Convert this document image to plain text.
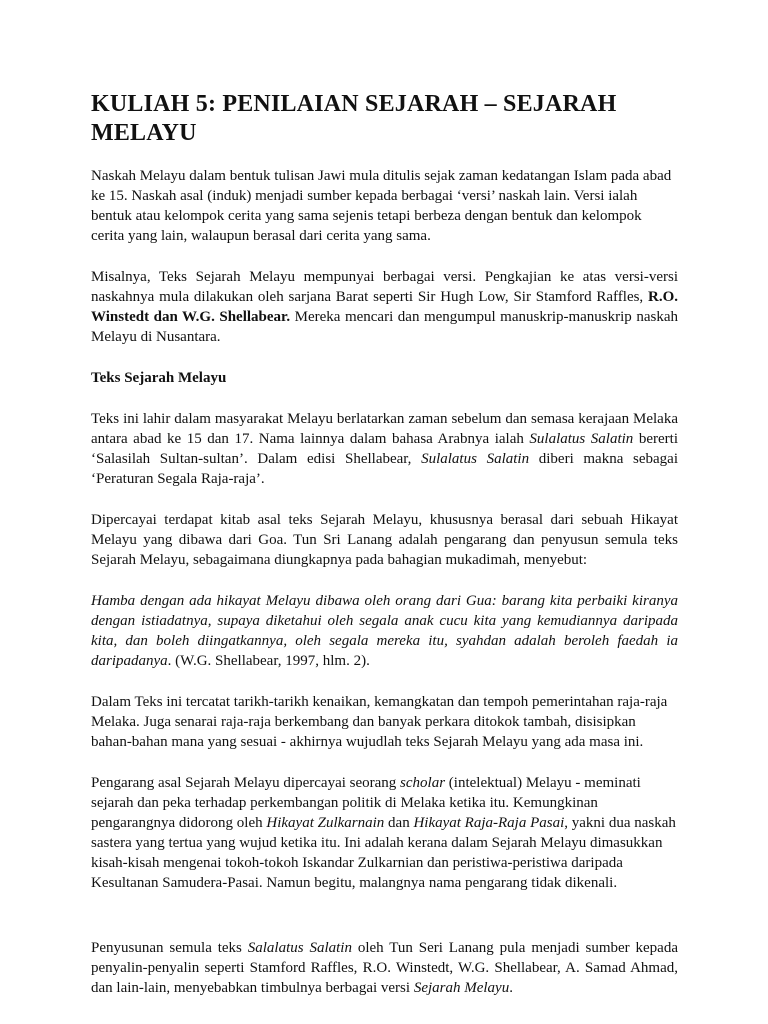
KULIAH 5: PENILAIAN SEJARAH – SEJARAH MELAYU

Naskah Melayu dalam bentuk tulisan Jawi mula ditulis sejak zaman kedatangan Islam pada abad ke 15. Naskah asal (induk) menjadi sumber kepada berbagai ‘versi’ naskah lain. Versi ialah bentuk atau kelompok cerita yang sama sejenis tetapi berbeza dengan bentuk dan kelompok cerita yang lain, walaupun berasal dari cerita yang sama.

Misalnya, Teks Sejarah Melayu mempunyai berbagai versi. Pengkajian ke atas versi-versi naskahnya mula dilakukan oleh sarjana Barat seperti Sir Hugh Low, Sir Stamford Raffles, R.O. Winstedt dan W.G. Shellabear. Mereka mencari dan mengumpul manuskrip-manuskrip naskah Melayu di Nusantara.

Teks Sejarah Melayu

Teks ini lahir dalam masyarakat Melayu berlatarkan zaman sebelum dan semasa kerajaan Melaka antara abad ke 15 dan 17. Nama lainnya dalam bahasa Arabnya ialah Sulalatus Salatin bererti ‘Salasilah Sultan-sultan’. Dalam edisi Shellabear, Sulalatus Salatin diberi makna sebagai ‘Peraturan Segala Raja-raja’.

Dipercayai terdapat kitab asal teks Sejarah Melayu, khususnya berasal dari sebuah Hikayat Melayu yang dibawa dari Goa. Tun Sri Lanang adalah pengarang dan penyusun semula teks Sejarah Melayu, sebagaimana diungkapnya pada bahagian mukadimah, menyebut:

Hamba dengan ada hikayat Melayu dibawa oleh orang dari Gua: barang kita perbaiki kiranya dengan istiadatnya, supaya diketahui oleh segala anak cucu kita yang kemudiannya daripada kita, dan boleh diingatkannya, oleh segala mereka itu, syahdan adalah beroleh faedah ia daripadanya. (W.G. Shellabear, 1997, hlm. 2).

Dalam Teks ini tercatat tarikh-tarikh kenaikan, kemangkatan dan tempoh pemerintahan raja-raja Melaka. Juga senarai raja-raja berkembang dan banyak perkara ditokok tambah, disisipkan bahan-bahan mana yang sesuai - akhirnya wujudlah teks Sejarah Melayu yang ada masa ini.

Pengarang asal Sejarah Melayu dipercayai seorang scholar (intelektual) Melayu - meminati sejarah dan peka terhadap perkembangan politik di Melaka ketika itu. Kemungkinan pengarangnya didorong oleh Hikayat Zulkarnain dan Hikayat Raja-Raja Pasai, yakni dua naskah sastera yang tertua yang wujud ketika itu. Ini adalah kerana dalam Sejarah Melayu dimasukkan kisah-kisah mengenai tokoh-tokoh Iskandar Zulkarnian dan peristiwa-peristiwa daripada Kesultanan Samudera-Pasai. Namun begitu, malangnya nama pengarang tidak dikenali.

Penyusunan semula teks Salalatus Salatin oleh Tun Seri Lanang pula menjadi sumber kepada penyalin-penyalin seperti Stamford Raffles, R.O. Winstedt, W.G. Shellabear, A. Samad Ahmad, dan lain-lain, menyebabkan timbulnya berbagai versi Sejarah Melayu.
